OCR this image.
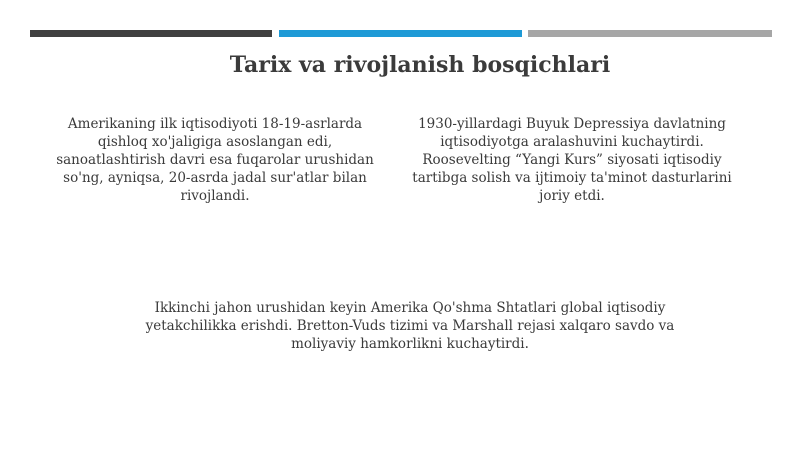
Tarix va rivojlanish bosqichlari
Amerikaning ilk iqtisodiyoti 18-19-asrlarda qishloq xo'jaligiga asoslangan edi, sanoatlashtirish davri esa fuqarolar urushidan so'ng, ayniqsa, 20-asrda jadal sur'atlar bilan rivojlandi.
1930-yillardagi Buyuk Depressiya davlatning iqtisodiyotga aralashuvini kuchaytirdi. Roosevelting “Yangi Kurs” siyosati iqtisodiy tartibga solish va ijtimoiy ta'minot dasturlarini joriy etdi.
Ikkinchi jahon urushidan keyin Amerika Qo'shma Shtatlari global iqtisodiy yetakchilikka erishdi. Bretton-Vuds tizimi va Marshall rejasi xalqaro savdo va moliyaviy hamkorlikni kuchaytirdi.
